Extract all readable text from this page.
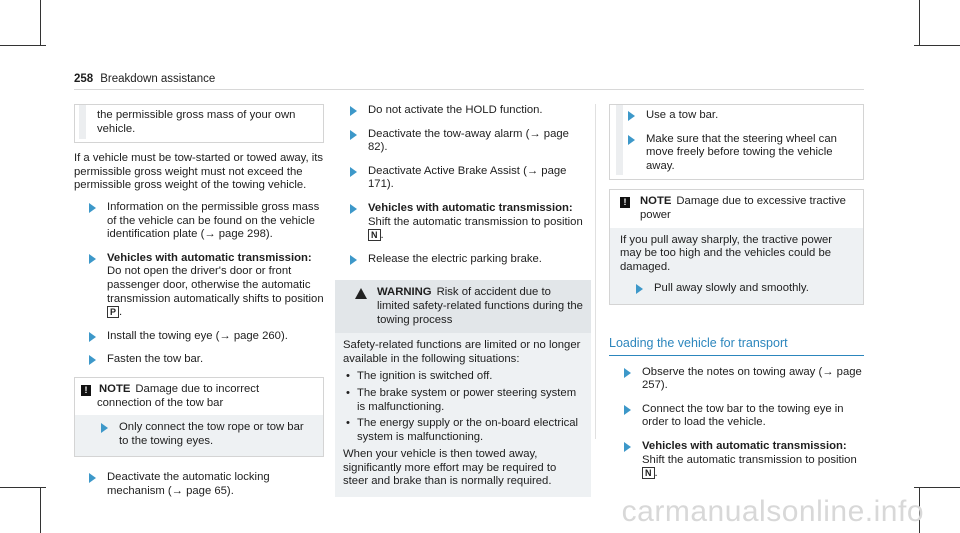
258 Breakdown assistance
the permissible gross mass of your own vehicle.
If a vehicle must be tow-started or towed away, its permissible gross weight must not exceed the permissible gross weight of the towing vehicle.
Information on the permissible gross mass of the vehicle can be found on the vehicle identification plate (→ page 298).
Vehicles with automatic transmission: Do not open the driver's door or front passenger door, otherwise the automatic transmission automatically shifts to position P .
Install the towing eye (→ page 260).
Fasten the tow bar.
! NOTE Damage due to incorrect connection of the tow bar
Only connect the tow rope or tow bar to the towing eyes.
Deactivate the automatic locking mechanism (→ page 65).
Do not activate the HOLD function.
Deactivate the tow-away alarm (→ page 82).
Deactivate Active Brake Assist (→ page 171).
Vehicles with automatic transmission:
Shift the automatic transmission to position N .
Release the electric parking brake.
WARNING Risk of accident due to limited safety-related functions during the towing process
Safety-related functions are limited or no longer available in the following situations:
• The ignition is switched off.
• The brake system or power steering system is malfunctioning.
• The energy supply or the on-board electrical system is malfunctioning.
When your vehicle is then towed away, significantly more effort may be required to steer and brake than is normally required.
Use a tow bar.
Make sure that the steering wheel can move freely before towing the vehicle away.
!	NOTE Damage due to excessive tractive power
If you pull away sharply, the tractive power may be too high and the vehicles could be damaged.
Pull away slowly and smoothly.
Loading the vehicle for transport
Observe the notes on towing away (→ page 257).
Connect the tow bar to the towing eye in order to load the vehicle.
Vehicles with automatic transmission:
Shift the automatic transmission to position
N .
carmanualsonline.info
